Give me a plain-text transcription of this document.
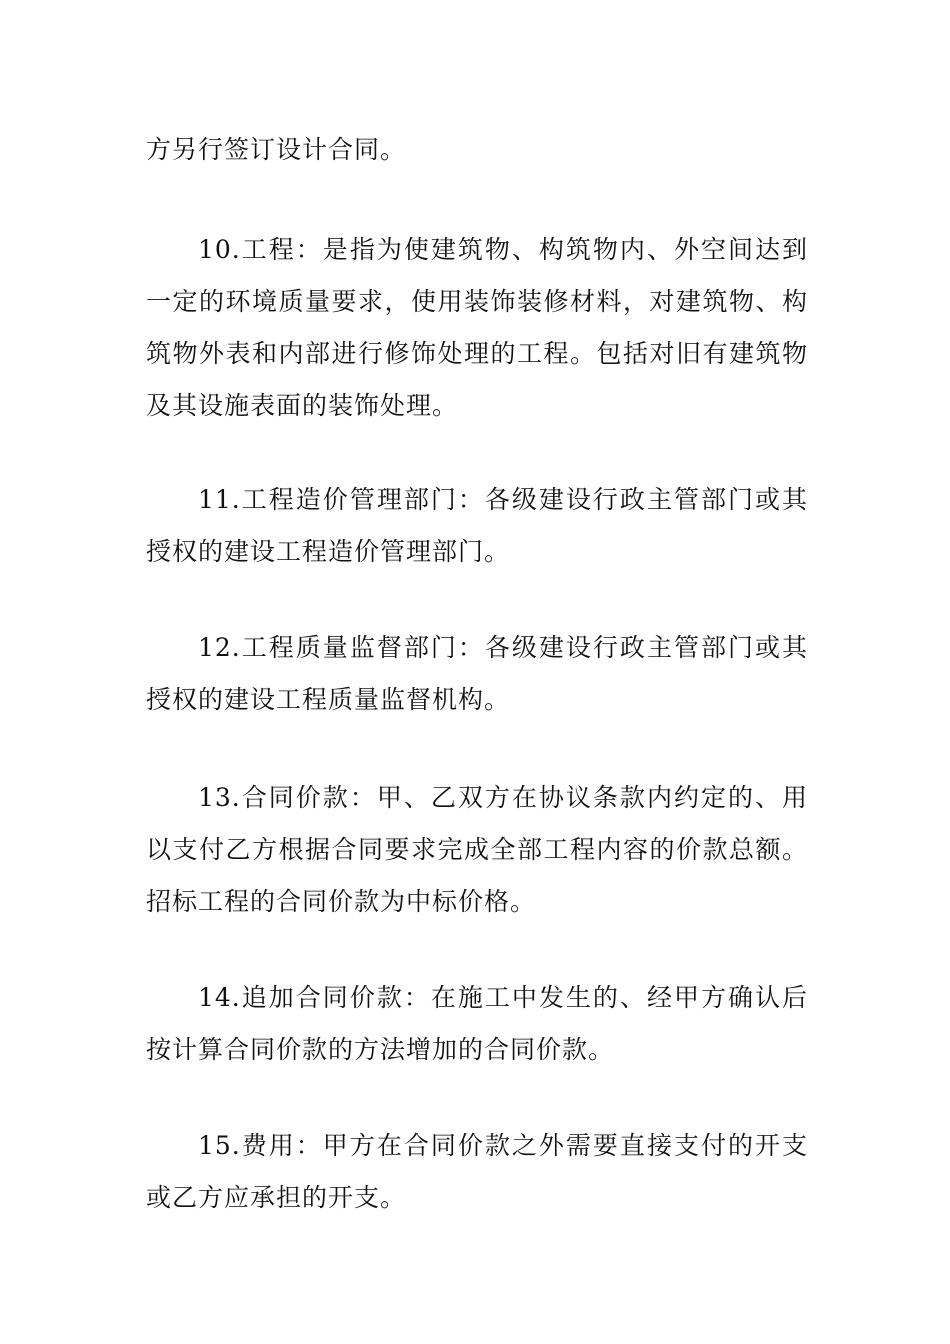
方另行签订设计合同。

10.工程：是指为使建筑物、构筑物内、外空间达到一定的环境质量要求，使用装饰装修材料，对建筑物、构筑物外表和内部进行修饰处理的工程。包括对旧有建筑物及其设施表面的装饰处理。

11.工程造价管理部门：各级建设行政主管部门或其授权的建设工程造价管理部门。

12.工程质量监督部门：各级建设行政主管部门或其授权的建设工程质量监督机构。

13.合同价款：甲、乙双方在协议条款内约定的、用以支付乙方根据合同要求完成全部工程内容的价款总额。招标工程的合同价款为中标价格。

14.追加合同价款：在施工中发生的、经甲方确认后按计算合同价款的方法增加的合同价款。

15.费用：甲方在合同价款之外需要直接支付的开支或乙方应承担的开支。
